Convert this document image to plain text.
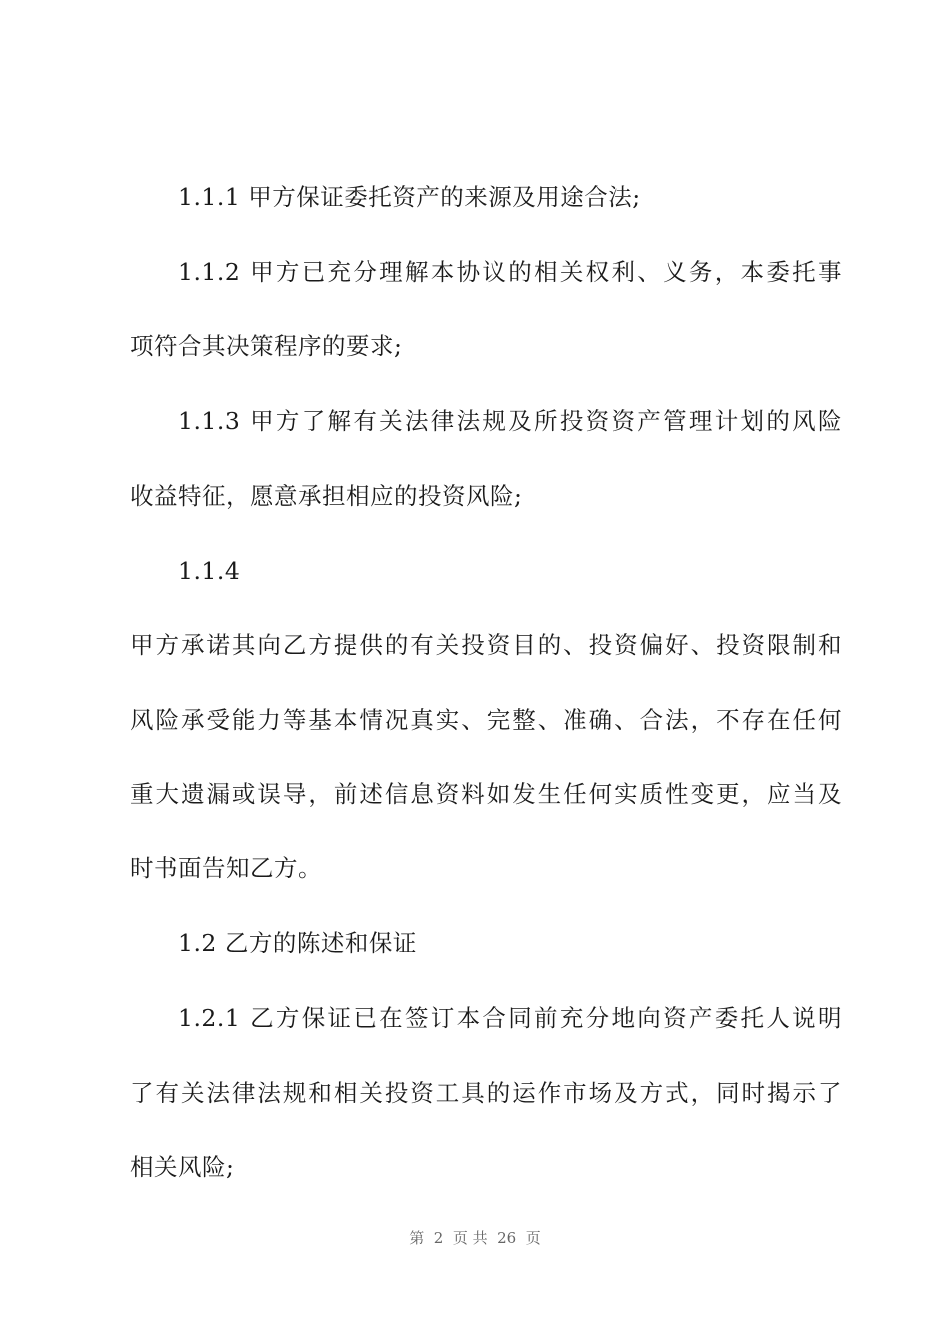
1.1.1 甲方保证委托资产的来源及用途合法;
1.1.2 甲方已充分理解本协议的相关权利、义务，本委托事
项符合其决策程序的要求;
1.1.3 甲方了解有关法律法规及所投资资产管理计划的风险
收益特征，愿意承担相应的投资风险;
1.1.4
甲方承诺其向乙方提供的有关投资目的、投资偏好、投资限制和
风险承受能力等基本情况真实、完整、准确、合法，不存在任何
重大遗漏或误导，前述信息资料如发生任何实质性变更，应当及
时书面告知乙方。
1.2 乙方的陈述和保证
1.2.1 乙方保证已在签订本合同前充分地向资产委托人说明
了有关法律法规和相关投资工具的运作市场及方式，同时揭示了
相关风险;
第  2  页 共  26  页
